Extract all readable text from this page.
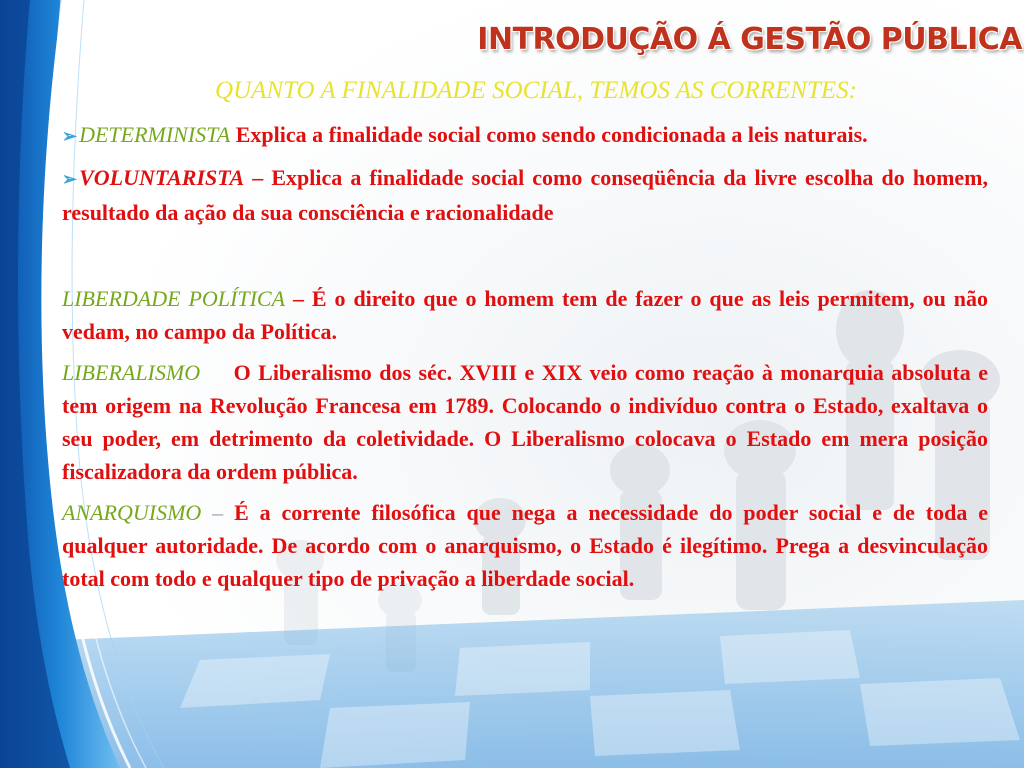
INTRODUÇÃO Á GESTÃO PÚBLICA
QUANTO A FINALIDADE SOCIAL, TEMOS AS CORRENTES:

➢DETERMINISTA Explica a finalidade social como sendo condicionada a leis naturais.

➢VOLUNTARISTA – Explica a finalidade social como conseqüência da livre escolha do homem, resultado da ação da sua consciência e racionalidade

LIBERDADE POLÍTICA – É o direito que o homem tem de fazer o que as leis permitem, ou não vedam, no campo da Política.

LIBERALISMO O Liberalismo dos séc. XVIII e XIX veio como reação à monarquia absoluta e tem origem na Revolução Francesa em 1789. Colocando o indivíduo contra o Estado, exaltava o seu poder, em detrimento da coletividade. O Liberalismo colocava o Estado em mera posição fiscalizadora da ordem pública.

ANARQUISMO – É a corrente filosófica que nega a necessidade do poder social e de toda e qualquer autoridade. De acordo com o anarquismo, o Estado é ilegítimo. Prega a desvinculação total com todo e qualquer tipo de privação a liberdade social.
